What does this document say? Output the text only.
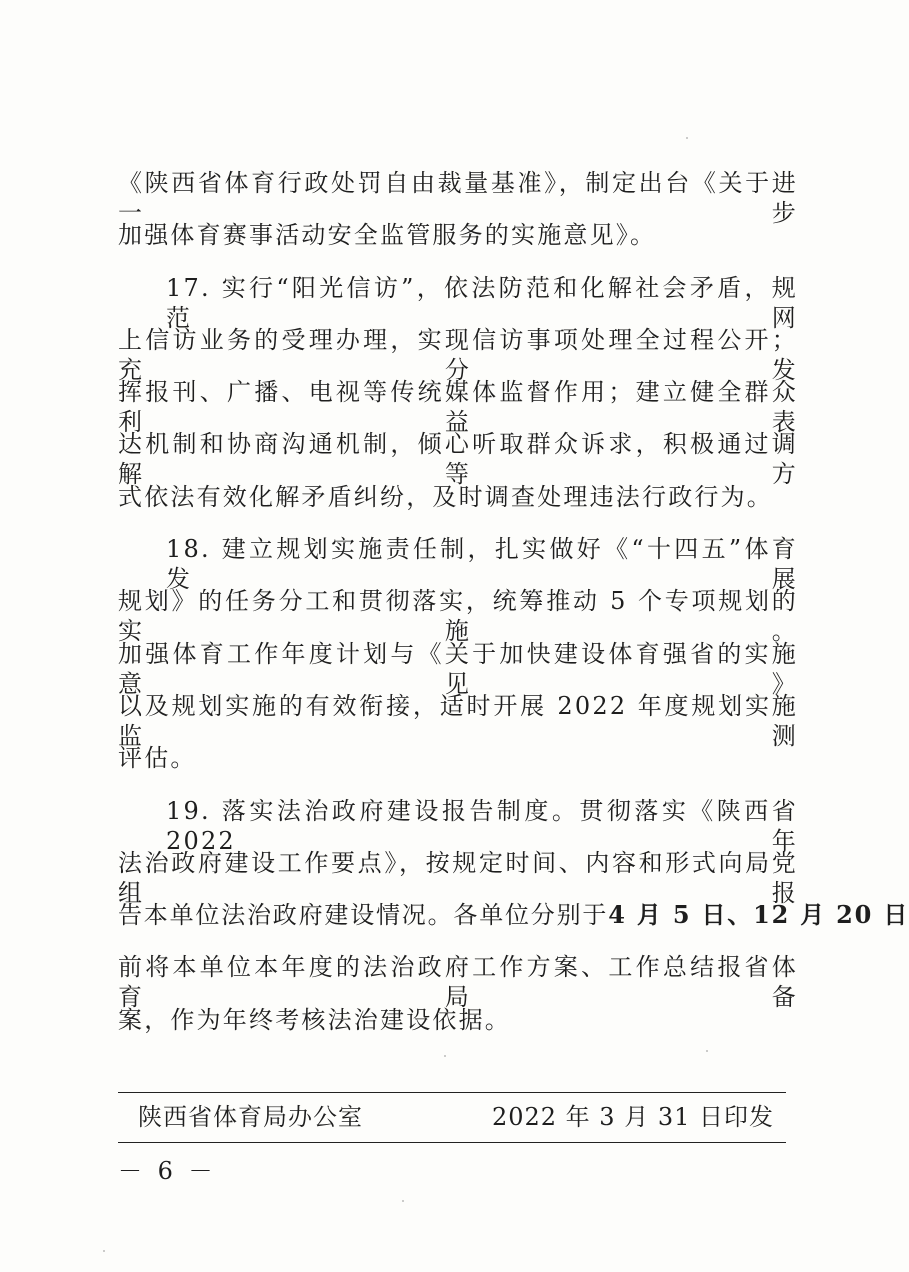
《陕西省体育行政处罚自由裁量基准》，制定出台《关于进一步
加强体育赛事活动安全监管服务的实施意见》。
17. 实行“阳光信访”，依法防范和化解社会矛盾，规范网
上信访业务的受理办理，实现信访事项处理全过程公开；充分发
挥报刊、广播、电视等传统媒体监督作用；建立健全群众利益表
达机制和协商沟通机制，倾心听取群众诉求，积极通过调解等方
式依法有效化解矛盾纠纷，及时调查处理违法行政行为。
18. 建立规划实施责任制，扎实做好《“十四五”体育发展
规划》的任务分工和贯彻落实，统筹推动 5 个专项规划的实施。
加强体育工作年度计划与《关于加快建设体育强省的实施意见》
以及规划实施的有效衔接，适时开展 2022 年度规划实施监测
评估。
19. 落实法治政府建设报告制度。贯彻落实《陕西省 2022 年
法治政府建设工作要点》，按规定时间、内容和形式向局党组报
告本单位法治政府建设情况。各单位分别于4 月 5 日、12 月 20 日
前将本单位本年度的法治政府工作方案、工作总结报省体育局备
案，作为年终考核法治建设依据。
陕西省体育局办公室	2022 年 3 月 31 日印发
－ 6 －
